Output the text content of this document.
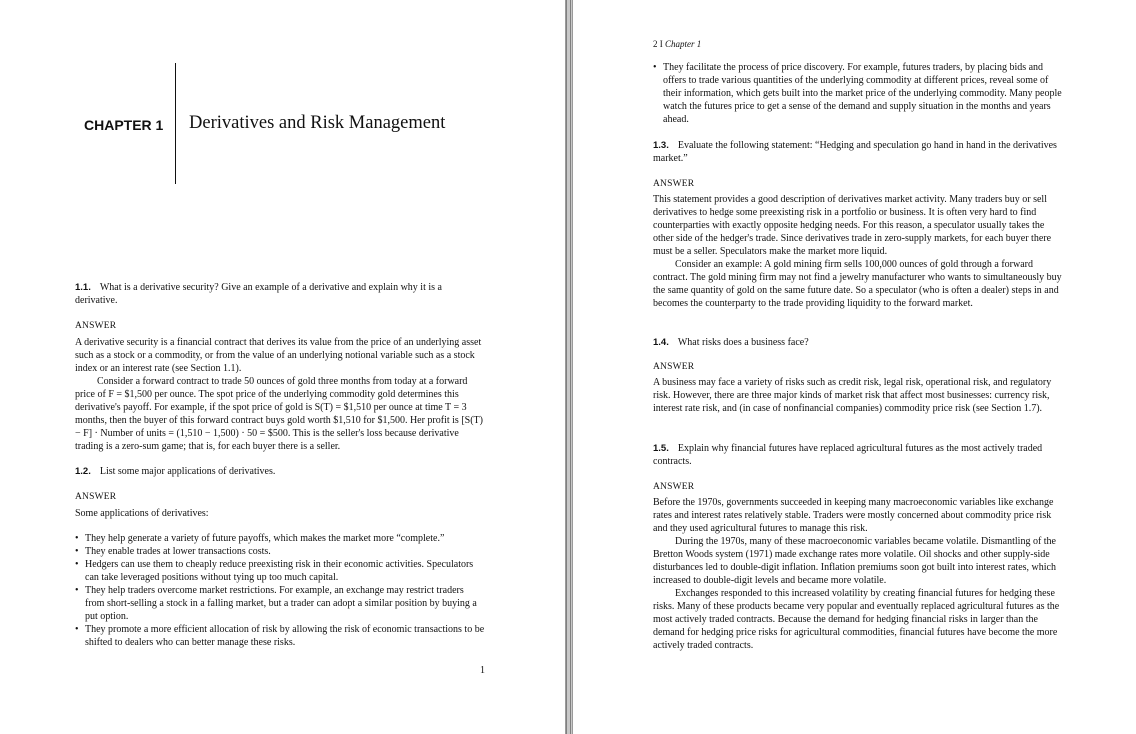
CHAPTER 1 Derivatives and Risk Management
1.1. What is a derivative security? Give an example of a derivative and explain why it is a derivative.
ANSWER

A derivative security is a financial contract that derives its value from the price of an underlying asset such as a stock or a commodity, or from the value of an underlying notional variable such as a stock index or an interest rate (see Section 1.1).

Consider a forward contract to trade 50 ounces of gold three months from today at a forward price of F = $1,500 per ounce. The spot price of the underlying commodity gold determines this derivative's payoff. For example, if the spot price of gold is S(T) = $1,510 per ounce at time T = 3 months, then the buyer of this forward contract buys gold worth $1,510 for $1,500. Her profit is [S(T) − F] · Number of units = (1,510 − 1,500) · 50 = $500. This is the seller's loss because derivative trading is a zero-sum game; that is, for each buyer there is a seller.

1.2. List some major applications of derivatives.
ANSWER
Some applications of derivatives:
• They help generate a variety of future payoffs, which makes the market more “complete.”
• They enable trades at lower transactions costs.
• Hedgers can use them to cheaply reduce preexisting risk in their economic activities. Speculators can take leveraged positions without tying up too much capital.
• They help traders overcome market restrictions. For example, an exchange may restrict traders from short-selling a stock in a falling market, but a trader can adopt a similar position by buying a put option.
• They promote a more efficient allocation of risk by allowing the risk of economic transactions to be shifted to dealers who can better manage these risks.
1
2 I Chapter 1
• They facilitate the process of price discovery. For example, futures traders, by placing bids and offers to trade various quantities of the underlying commodity at different prices, reveal some of their information, which gets built into the market price of the underlying commodity. Many people watch the futures price to get a sense of the demand and supply situation in the months and years ahead.
1.3. Evaluate the following statement: “Hedging and speculation go hand in hand in the derivatives market.”
ANSWER

This statement provides a good description of derivatives market activity. Many traders buy or sell derivatives to hedge some preexisting risk in a portfolio or business. It is often very hard to find counterparties with exactly opposite hedging needs. For this reason, a speculator usually takes the other side of the hedger's trade. Since derivatives trade in zero-supply markets, for each buyer there must be a seller. Speculators make the market more liquid.

Consider an example: A gold mining firm sells 100,000 ounces of gold through a forward contract. The gold mining firm may not find a jewelry manufacturer who wants to simultaneously buy the same quantity of gold on the same future date. So a speculator (who is often a dealer) steps in and becomes the counterparty to the trade providing liquidity to the forward market.

1.4. What risks does a business face?
ANSWER

A business may face a variety of risks such as credit risk, legal risk, operational risk, and regulatory risk. However, there are three major kinds of market risk that affect most businesses: currency risk, interest rate risk, and (in case of nonfinancial companies) commodity price risk (see Section 1.7).

1.5. Explain why financial futures have replaced agricultural futures as the most actively traded contracts.
ANSWER

Before the 1970s, governments succeeded in keeping many macroeconomic variables like exchange rates and interest rates relatively stable. Traders were mostly concerned about commodity price risk and they used agricultural futures to manage this risk.

During the 1970s, many of these macroeconomic variables became volatile. Dismantling of the Bretton Woods system (1971) made exchange rates more volatile. Oil shocks and other supply-side disturbances led to double-digit inflation. Inflation premiums soon got built into interest rates, which increased to double-digit levels and became more volatile.

Exchanges responded to this increased volatility by creating financial futures for hedging these risks. Many of these products became very popular and eventually replaced agricultural futures as the most actively traded contracts. Because the demand for hedging financial risks in larger than the demand for hedging price risks for agricultural commodities, financial futures have become the more actively traded contracts.
